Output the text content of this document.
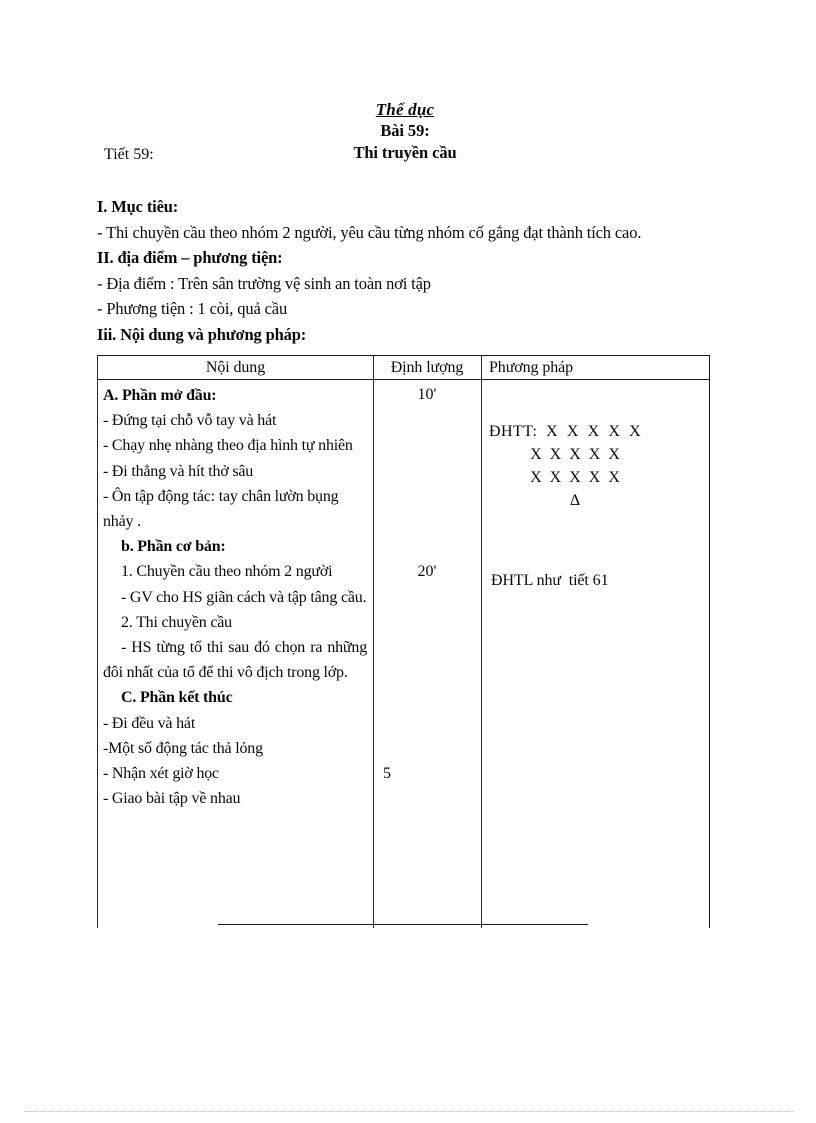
Thể dục
Bài 59:
Thi truyền cầu
Tiết 59:
I. Mục tiêu:
- Thi chuyền cầu theo nhóm 2 người, yêu cầu từng nhóm cố gắng đạt thành tích cao.
II. địa điểm – phương tiện:
- Địa điểm : Trên sân trường vệ sinh an toàn nơi tập
- Phương tiện : 1 còi, quả cầu
Iii. Nội dung và phương pháp:
Nội dung	Định lượng	Phương pháp
A. Phần mở đầu:
- Đứng tại chỗ vỗ tay và hát
- Chạy nhẹ nhàng theo địa hình tự nhiên
- Đi thẳng và hít thở sâu
- Ôn tập động tác: tay chân lườn bụng nhảy .
b. Phần cơ bản:
1. Chuyền cầu theo nhóm 2 người
- GV cho HS giãn cách và tập tâng cầu.
2. Thi chuyền cầu
- HS từng tổ thi sau đó chọn ra những đôi nhất của tổ để thi vô địch trong lớp.
C. Phần kết thúc
- Đi đều và hát
-Một số động tác thả lỏng
- Nhận xét giờ học
- Giao bài tập về nhau
10'
20'
5
ĐHTT: X  X  X  X  X
X  X  X  X  X
X  X  X  X  X
Δ
ĐHTL như  tiết 61
